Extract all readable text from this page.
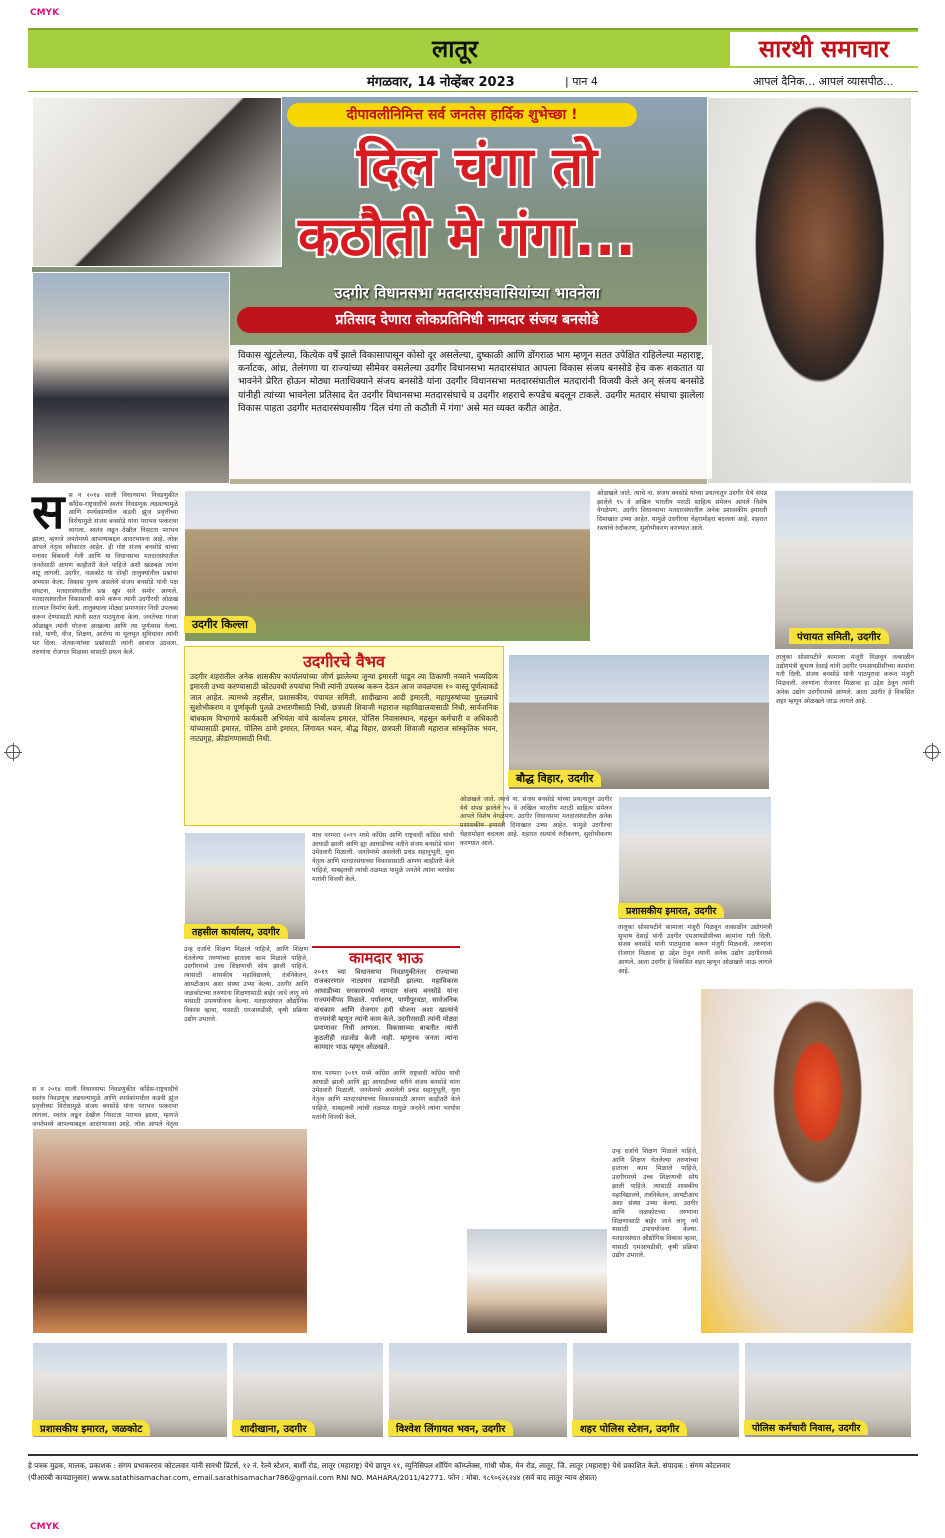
CMYK
CMYK
लातूर	सारथी समाचार
मंगळवार, 14 नोव्हेंबर 2023	| पान 4	आपलं दैनिक... आपलं व्यासपीठ...
दीपावलीनिमित्त सर्व जनतेस हार्दिक शुभेच्छा !
दिल चंगा तो
कठौती मे गंगा...
उदगीर विधानसभा मतदारसंघवासियांच्या भावनेला
प्रतिसाद देणारा लोकप्रतिनिधी नामदार संजय बनसोडे
विकास खुंटलेल्या, कित्येक वर्षे झाले विकासापासून कोसो दूर असलेल्या, दुष्काळी आणि डोंगराळ भाग म्हणून सतत उपेक्षित राहिलेल्या महाराष्ट्र, कर्नाटक, आंध्र, तेलंगणा या राज्यांच्या सीमेवर वसलेल्या उदगीर विधानसभा मतदारसंघात आपला विकास संजय बनसोडे हेच करू शकतात या भावनेने प्रेरित होऊन मोठ्या मताधिक्याने संजय बनसोडे यांना उदगीर विधानसभा मतदारसंघातील मतदारांनी विजयी केले अन् संजय बनसोडे यांनीही त्यांच्या भावनेला प्रतिसाद देत उदगीर विधानसभा मतदारसंघाचे व उदगीर शहराचे रूपडेच बदलून टाकले. उदगीर मतदार संघाचा झालेला विकास पाहता उदगीर मतदारसंघवासीय 'दिल चंगा तो कठौती में गंगा' असे मत व्यक्त करीत आहेत.
स स न २०१४ साली विधानसभा निवडणुकीत काँग्रेस-राष्ट्रवादीचे स्वतंत्र निवडणूक लढवल्यामुळे आणि स्पर्धकांमधील कडवी झुंज प्रवृत्तीच्या विरोधामुळे संजय बनसोडे यांना पराभव पत्करावा लागला. स्वतंत्र लढून देखील निसटता पराभव झाला, म्हणजे जनतेमध्ये आपल्याबद्दल आदरभावना आहे. लोक आपले नेतृत्व स्वीकारत आहेत. ही गोष्ट संजय बनसोडे यांच्या मनावर बिंबवली गेली आणि या विधानसभा मतदारसंघातील जनतेसाठी आपण काहीतरी केले पाहिजे अशी खळबळ त्यांना वाटू लागली. उदगीर, जळकोट या दोन्ही तालुक्यांतील प्रश्नांचा अभ्यास केला. विकास पुरुष असलेले संजय बनसोडे यांनी पक्ष संघटना, मतदारसंघातील प्रश्न खूप सारे समोर आणले. मतदारसंघातील विकासाची कामे करून त्यांनी उदगीरची ओळख राज्यात निर्माण केली. तालुक्याला मोठ्या प्रमाणावर निधी उपलब्ध करून देण्यासाठी त्यांनी सतत पाठपुरावा केला. जनतेच्या गरजा ओळखून त्यांनी योजना आखल्या आणि त्या पूर्णत्वास नेल्या. रस्ते, पाणी, वीज, शिक्षण, आरोग्य या मूलभूत सुविधांवर त्यांनी भर दिला. शेतकऱ्यांच्या प्रश्नांसाठी त्यांनी आवाज उठवला. तरुणांना रोजगार मिळावा यासाठी प्रयत्न केले.
उदगीर किल्ला
ओळखले जाते. त्याचे ना. संजय बनसोडे यांच्या प्रयत्नातून उदगीर येथे संपन्न झालेले ९५ वे अखिल भारतीय मराठी साहित्य संमेलन आपले विशेष वेगळेपण. उदगीर विधानसभा मतदारसंघातील अनेक प्रशासकीय इमारती दिमाखात उभ्या आहेत. यामुळे उदगीरचा चेहरामोहरा बदलला आहे. शहरात रस्त्यांचे रुंदीकरण, सुशोभीकरण करण्यात आले.
पंचायत समिती, उदगीर
उदगीरचे वैभव
उदगीर शहरातील अनेक शासकीय कार्यालयांच्या जीर्ण झालेल्या जुन्या इमारती पाडून त्या ठिकाणी नव्याने भव्यदिव्य इमारती उभ्या करण्यासाठी कोट्यवधी रुपयांचा निधी त्यांनी उपलब्ध करून देऊन आज जवळपास १० वास्तू पूर्णत्वाकडे जात आहेत. त्यामध्ये तहसील, प्रशासकीय, पंचायत समिती, शादीखाना आदी इमारती, महापुरुषांच्या पुतळ्याचे सुशोभीकरण व पूर्णाकृती पुतळे उभारणीसाठी निधी, छत्रपती शिवाजी महाराज महाविद्यालयासाठी निधी, सार्वजनिक बांधकाम विभागाचे कार्यकारी अभियंता यांचे कार्यालय इमारत, पोलिस निवासस्थान, महसूल कर्मचारी व अधिकारी यांच्यासाठी इमारत, पोलिस ठाणे इमारत, लिंगायत भवन, बौद्ध विहार, छत्रपती शिवाजी महाराज सांस्कृतिक भवन, नाट्यगृह, क्रीडांगणासाठी निधी.
बौद्ध विहार, उदगीर
तालुका सोसायटीने कामाला मंजुरी मिळवून तत्काळीन उद्योगमंत्री सुभाष देसाई यांनी उदगीर एमआयडीसीच्या कामांना गती दिली. संजय बनसोडे यांनी पाठपुरावा करून मंजुरी मिळवली. तरुणांना रोजगार मिळावा हा उद्देश ठेवून त्यांनी अनेक उद्योग उदगीरमध्ये आणले. आता उदगीर हे विकसित शहर म्हणून ओळखले जाऊ लागले आहे.
तहसील कार्यालय, उदगीर
याच परम्परा २०१९ मध्ये काँग्रेस आणि राष्ट्रवादी काँग्रेस यांची आघाडी झाली आणि ह्या आघाडीच्या वतीने संजय बनसोडे यांना उमेदवारी मिळाली. जनतेमध्ये असलेली प्रचंड सहानुभूती, युवा नेतृत्व आणि मतदारसंघाच्या विकासासाठी आपण काहीतरी केले पाहिजे, याबद्दलची त्यांची तळमळ यामुळे जनतेने त्यांना भरघोस मतांनी विजयी केले.
ओळखले जाते. त्याचे ना. संजय बनसोडे यांच्या प्रयत्नातून उदगीर येथे संपन्न झालेले ९५ वे अखिल भारतीय मराठी साहित्य संमेलन आपले विशेष वेगळेपण. उदगीर विधानसभा मतदारसंघातील अनेक प्रशासकीय इमारती दिमाखात उभ्या आहेत. यामुळे उदगीरचा चेहरामोहरा बदलला आहे. शहरात रस्त्यांचे रुंदीकरण, सुशोभीकरण करण्यात आले.
प्रशासकीय इमारत, उदगीर
कामदार भाऊ
२०१९ च्या विधानसभा निवडणुकीनंतर राज्याच्या राजकारणात नाट्यमय घडामोडी झाल्या. महाविकास आघाडीच्या सरकारमध्ये नामदार संजय बनसोडे यांना राज्यमंत्रीपद मिळाले. पर्यावरण, पाणीपुरवठा, सार्वजनिक बांधकाम आणि रोजगार हमी योजना अशा खात्यांचे राज्यमंत्री म्हणून त्यांनी काम केले. उदगीरसाठी त्यांनी मोठ्या प्रमाणावर निधी आणला. विकासाच्या बाबतीत त्यांनी कुठलीही तडजोड केली नाही. म्हणूनच जनता त्यांना कामदार भाऊ म्हणून ओळखते.
उन्ह दर्जाचे शिक्षण मिळाले पाहिजे, आणि शिक्षण घेतलेल्या तरुणांच्या हाताला काम मिळाले पाहिजे, उदगीरमध्ये उच्च शिक्षणाची सोय झाली पाहिजे. त्यासाठी शासकीय महाविद्यालये, तंत्रनिकेतन, आयटीआय अशा संस्था उभ्या केल्या. उदगीर आणि जळकोटच्या तरुणांना शिक्षणासाठी बाहेर जावे लागू नये यासाठी उपाययोजना केल्या. मतदारसंघात औद्योगिक विकास व्हावा, यासाठी एमआयडीसी, कृषी प्रक्रिया उद्योग उभारले.
स न २०१४ साली विधानसभा निवडणुकीत काँग्रेस-राष्ट्रवादीचे स्वतंत्र निवडणूक लढवल्यामुळे आणि स्पर्धकांमधील कडवी झुंज प्रवृत्तीच्या विरोधामुळे संजय बनसोडे यांना पराभव पत्करावा लागला. स्वतंत्र लढून देखील निसटता पराभव झाला, म्हणजे जनतेमध्ये आपल्याबद्दल आदरभावना आहे. लोक आपले नेतृत्व
याच परम्परा २०१९ मध्ये काँग्रेस आणि राष्ट्रवादी काँग्रेस यांची आघाडी झाली आणि ह्या आघाडीच्या वतीने संजय बनसोडे यांना उमेदवारी मिळाली. जनतेमध्ये असलेली प्रचंड सहानुभूती, युवा नेतृत्व आणि मतदारसंघाच्या विकासासाठी आपण काहीतरी केले पाहिजे, याबद्दलची त्यांची तळमळ यामुळे जनतेने त्यांना भरघोस मतांनी विजयी केले.
तालुका सोसायटीने कामाला मंजुरी मिळवून तत्काळीन उद्योगमंत्री सुभाष देसाई यांनी उदगीर एमआयडीसीच्या कामांना गती दिली. संजय बनसोडे यांनी पाठपुरावा करून मंजुरी मिळवली. तरुणांना रोजगार मिळावा हा उद्देश ठेवून त्यांनी अनेक उद्योग उदगीरमध्ये आणले. आता उदगीर हे विकसित शहर म्हणून ओळखले जाऊ लागले आहे.
उन्ह दर्जाचे शिक्षण मिळाले पाहिजे, आणि शिक्षण घेतलेल्या तरुणांच्या हाताला काम मिळाले पाहिजे, उदगीरमध्ये उच्च शिक्षणाची सोय झाली पाहिजे. त्यासाठी शासकीय महाविद्यालये, तंत्रनिकेतन, आयटीआय अशा संस्था उभ्या केल्या. उदगीर आणि जळकोटच्या तरुणांना शिक्षणासाठी बाहेर जावे लागू नये यासाठी उपाययोजना केल्या. मतदारसंघात औद्योगिक विकास व्हावा, यासाठी एमआयडीसी, कृषी प्रक्रिया उद्योग उभारले.
प्रशासकीय इमारत, जळकोट	शादीखाना, उदगीर	विश्वेश लिंगायत भवन, उदगीर	शहर पोलिस स्टेशन, उदगीर	पोलिस कर्मचारी निवास, उदगीर
हे पत्रक मुद्रक, मालक, प्रकाशक : संगम प्रभाकरराव कोटलवार यांनी सारथी प्रिंटर्स, १२ नं. रेल्वे स्टेशन, बार्शी रोड, लातूर (महाराष्ट्र) येथे छापून ११, म्युनिसिपल शॉपिंग कॉम्प्लेक्स, गांधी चौक, मेन रोड, लातूर, जि. लातूर (महाराष्ट्र) येथे प्रकाशित केले. संपादक : संगम कोटलवार
(पीआरबी कायद्यानुसार) www.satathisamachar.com, email.sarathisamachar786@gmail.com RNI NO. MAHARA/2011/42771. फोन : मोबा. ९८९०६२६२४४ (सर्व वाद लातूर न्याय क्षेत्रात)
